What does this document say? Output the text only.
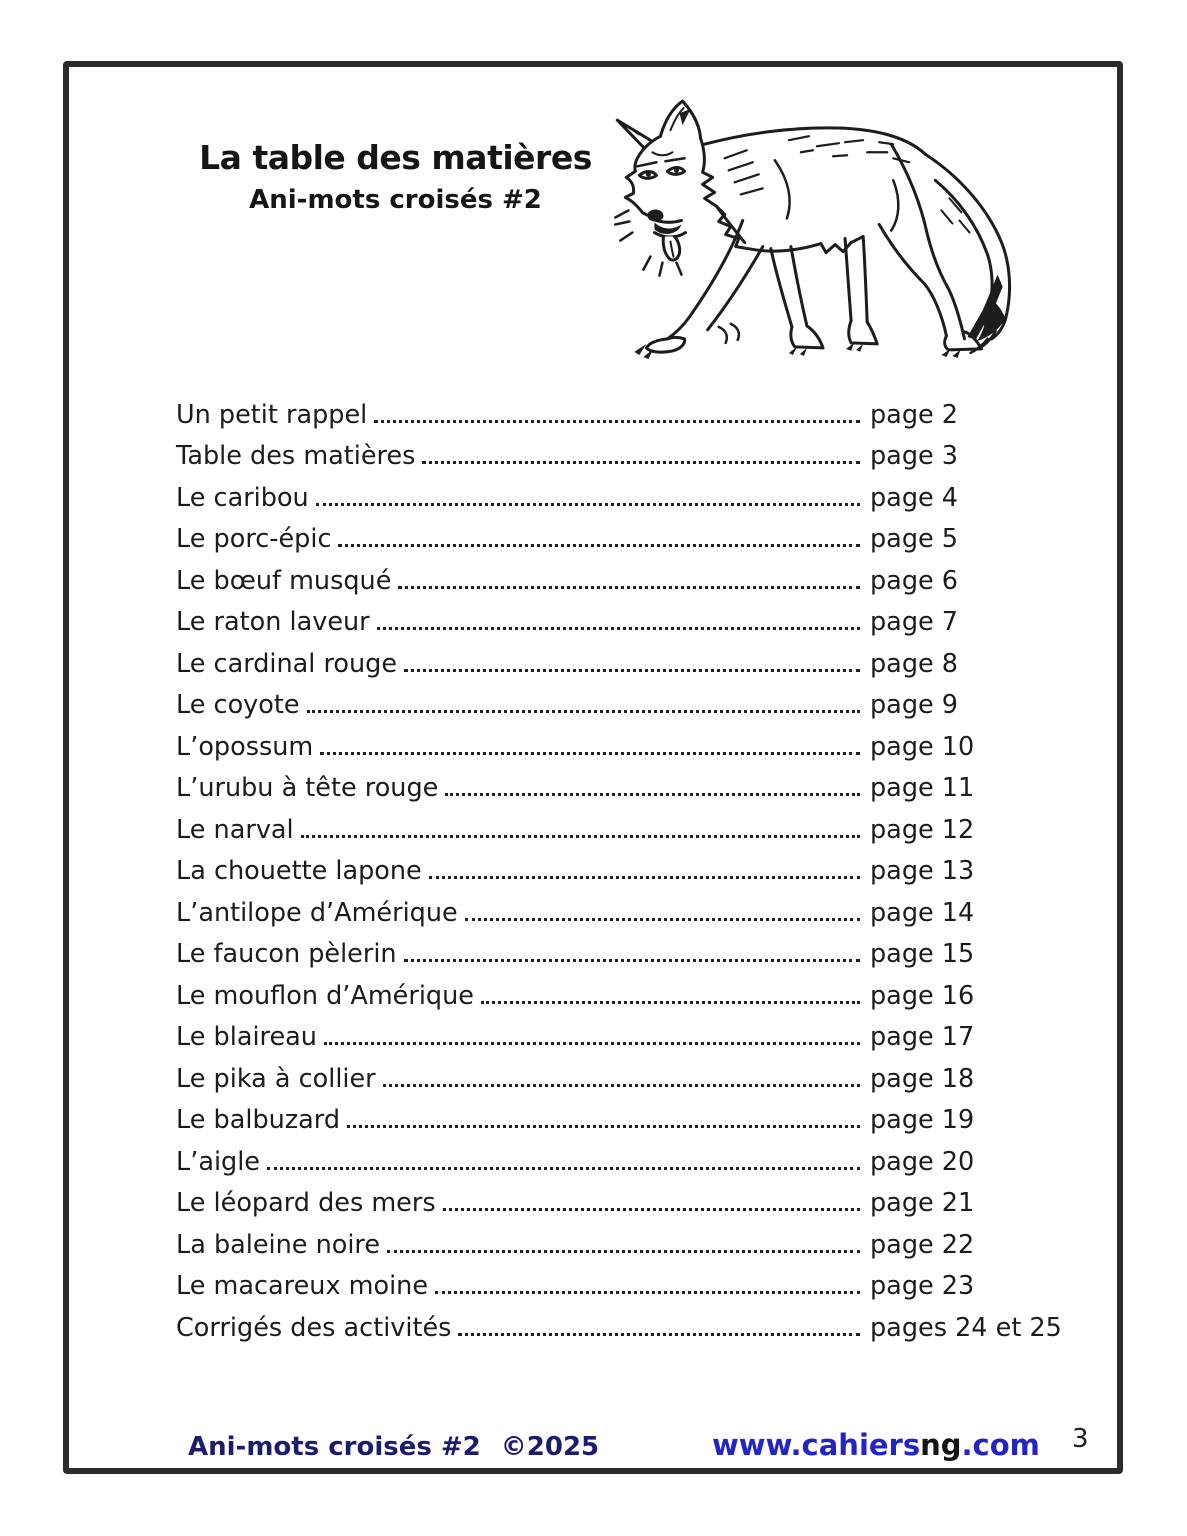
La table des matières
Ani-mots croisés #2
Un petit rappel	page 2
Table des matières	page 3
Le caribou	page 4
Le porc-épic	page 5
Le bœuf musqué	page 6
Le raton laveur	page 7
Le cardinal rouge	page 8
Le coyote	page 9
L’opossum	page 10
L’urubu à tête rouge	page 11
Le narval	page 12
La chouette lapone	page 13
L’antilope d’Amérique	page 14
Le faucon pèlerin	page 15
Le mouflon d’Amérique	page 16
Le blaireau	page 17
Le pika à collier	page 18
Le balbuzard	page 19
L’aigle	page 20
Le léopard des mers	page 21
La baleine noire	page 22
Le macareux moine	page 23
Corrigés des activités	pages 24 et 25
Ani-mots croisés #2 ©2025	www.cahiersng.com 3
